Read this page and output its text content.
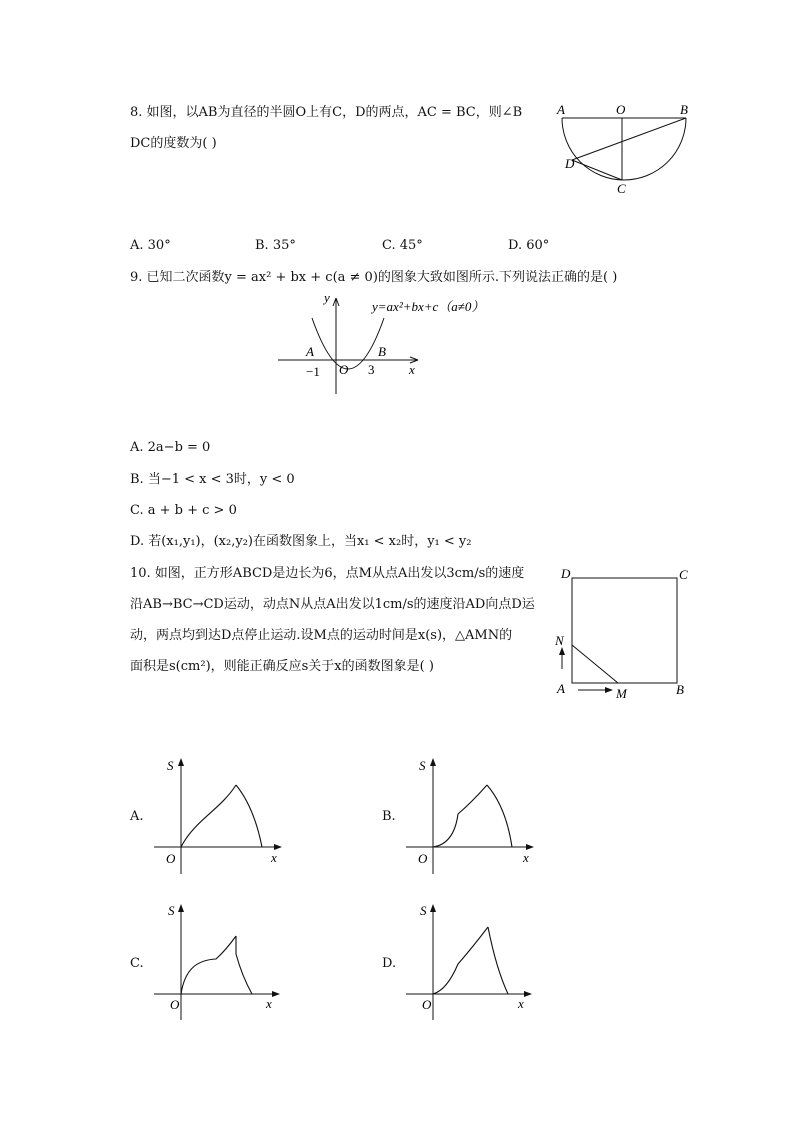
8. 如图，以AB为直径的半圆O上有C，D的两点，AC = BC，则∠B
DC的度数为( )
A	O	B
D
C
A. 30°	B. 35°	C. 45°	D. 60°
9. 已知二次函数y = ax² + bx + c(a ≠ 0)的图象大致如图所示.下列说法正确的是( )
y
y=ax²+bx+c（a≠0）
A	B
−1 O 3	x
A. 2a−b = 0
B. 当−1 < x < 3时，y < 0
C. a + b + c > 0
D. 若(x₁,y₁)，(x₂,y₂)在函数图象上，当x₁ < x₂时，y₁ < y₂
10. 如图，正方形ABCD是边长为6，点M从点A出发以3cm/s的速度
沿AB→BC→CD运动，动点N从点A出发以1cm/s的速度沿AD向点D运
动，两点均到达D点停止运动.设M点的运动时间是x(s)，△AMN的
面积是s(cm²)，则能正确反应s关于x的函数图象是( )
D	C
N
A	M	B
A.
S
O	x
B.
S
O	x
C.
S
O	x
D.
S
O	x
